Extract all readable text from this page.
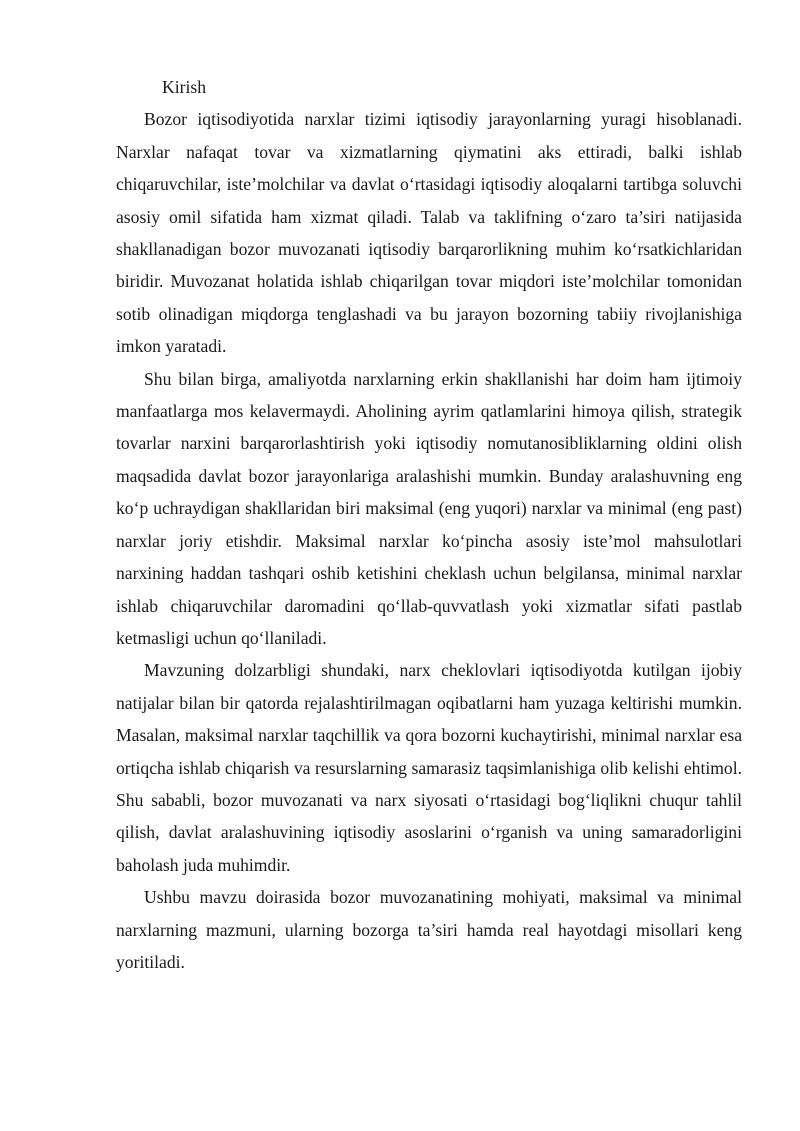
Kirish

Bozor iqtisodiyotida narxlar tizimi iqtisodiy jarayonlarning yuragi hisoblanadi. Narxlar nafaqat tovar va xizmatlarning qiymatini aks ettiradi, balki ishlab chiqaruvchilar, iste’molchilar va davlat o‘rtasidagi iqtisodiy aloqalarni tartibga soluvchi asosiy omil sifatida ham xizmat qiladi. Talab va taklifning o‘zaro ta’siri natijasida shakllanadigan bozor muvozanati iqtisodiy barqarorlikning muhim ko‘rsatkichlaridan biridir. Muvozanat holatida ishlab chiqarilgan tovar miqdori iste’molchilar tomonidan sotib olinadigan miqdorga tenglashadi va bu jarayon bozorning tabiiy rivojlanishiga imkon yaratadi.

Shu bilan birga, amaliyotda narxlarning erkin shakllanishi har doim ham ijtimoiy manfaatlarga mos kelavermaydi. Aholining ayrim qatlamlarini himoya qilish, strategik tovarlar narxini barqarorlashtirish yoki iqtisodiy nomutanosibliklarning oldini olish maqsadida davlat bozor jarayonlariga aralashishi mumkin. Bunday aralashuvning eng ko‘p uchraydigan shakllaridan biri maksimal (eng yuqori) narxlar va minimal (eng past) narxlar joriy etishdir. Maksimal narxlar ko‘pincha asosiy iste’mol mahsulotlari narxining haddan tashqari oshib ketishini cheklash uchun belgilansa, minimal narxlar ishlab chiqaruvchilar daromadini qo‘llab-quvvatlash yoki xizmatlar sifati pastlab ketmasligi uchun qo‘llaniladi.

Mavzuning dolzarbligi shundaki, narx cheklovlari iqtisodiyotda kutilgan ijobiy natijalar bilan bir qatorda rejalashtirilmagan oqibatlarni ham yuzaga keltirishi mumkin. Masalan, maksimal narxlar taqchillik va qora bozorni kuchaytirishi, minimal narxlar esa ortiqcha ishlab chiqarish va resurslarning samarasiz taqsimlanishiga olib kelishi ehtimol. Shu sababli, bozor muvozanati va narx siyosati o‘rtasidagi bog‘liqlikni chuqur tahlil qilish, davlat aralashuvining iqtisodiy asoslarini o‘rganish va uning samaradorligini baholash juda muhimdir.

Ushbu mavzu doirasida bozor muvozanatining mohiyati, maksimal va minimal narxlarning mazmuni, ularning bozorga ta’siri hamda real hayotdagi misollari keng yoritiladi.
